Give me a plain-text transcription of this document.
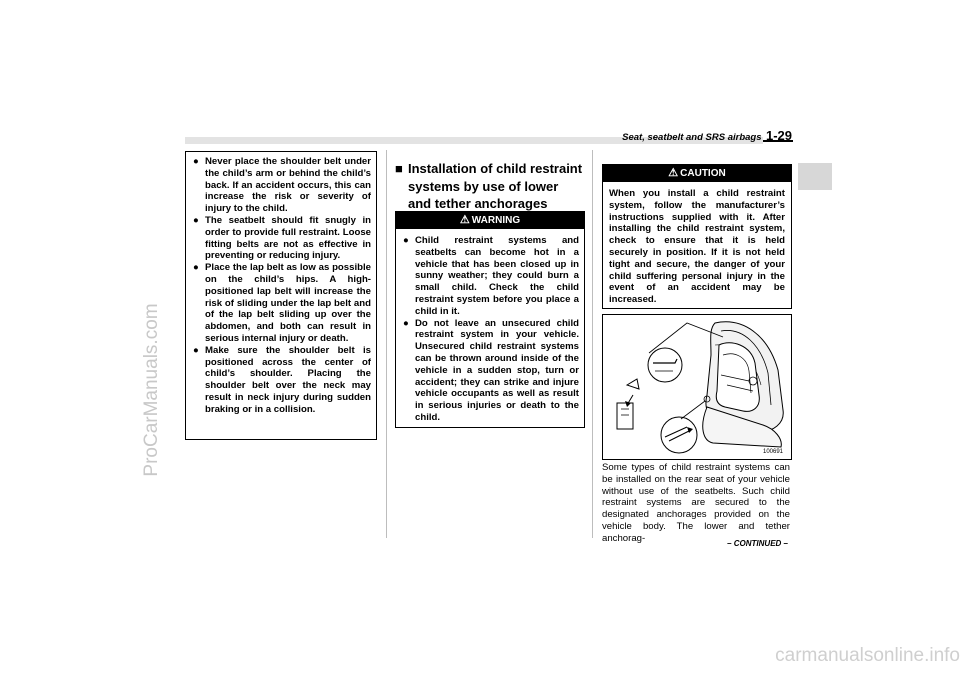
ProCarManuals.com
Seat, seatbelt and SRS airbags 1-29
● Never place the shoulder belt under the child’s arm or behind the child’s back. If an accident occurs, this can increase the risk or severity of injury to the child.
● The seatbelt should fit snugly in order to provide full restraint. Loose fitting belts are not as effective in preventing or reducing injury.
● Place the lap belt as low as possible on the child’s hips. A high-positioned lap belt will increase the risk of sliding under the lap belt and of the lap belt sliding up over the abdomen, and both can result in serious internal injury or death.
● Make sure the shoulder belt is positioned across the center of child’s shoulder. Placing the shoulder belt over the neck may result in neck injury during sudden braking or in a collision.
■ Installation of child restraint systems by use of lower and tether anchorages
⚠ WARNING
● Child restraint systems and seatbelts can become hot in a vehicle that has been closed up in sunny weather; they could burn a small child. Check the child restraint system before you place a child in it.
● Do not leave an unsecured child restraint system in your vehicle. Unsecured child restraint systems can be thrown around inside of the vehicle in a sudden stop, turn or accident; they can strike and injure vehicle occupants as well as result in serious injuries or death to the child.
⚠ CAUTION
When you install a child restraint system, follow the manufacturer’s instructions supplied with it. After installing the child restraint system, check to ensure that it is held securely in position. If it is not held tight and secure, the danger of your child suffering personal injury in the event of an accident may be increased.
100691
Some types of child restraint systems can be installed on the rear seat of your vehicle without use of the seatbelts. Such child restraint systems are secured to the designated anchorages provided on the vehicle body. The lower and tether anchorag-	– CONTINUED –
carmanualsonline.info
